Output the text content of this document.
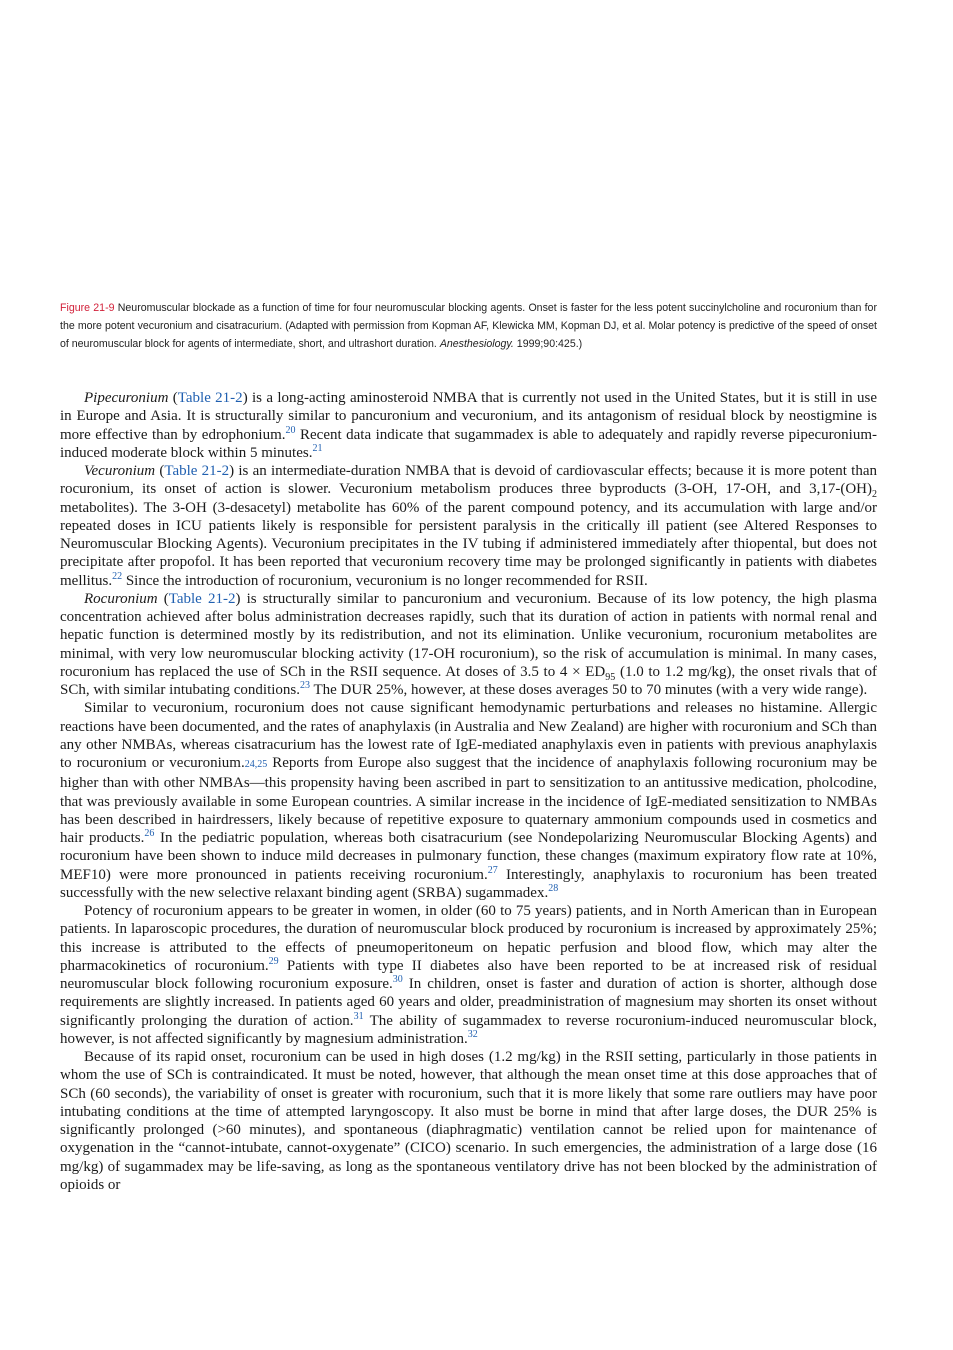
Figure 21-9 Neuromuscular blockade as a function of time for four neuromuscular blocking agents. Onset is faster for the less potent succinylcholine and rocuronium than for the more potent vecuronium and cisatracurium. (Adapted with permission from Kopman AF, Klewicka MM, Kopman DJ, et al. Molar potency is predictive of the speed of onset of neuromuscular block for agents of intermediate, short, and ultrashort duration. Anesthesiology. 1999;90:425.)

Pipecuronium (Table 21-2) is a long-acting aminosteroid NMBA that is currently not used in the United States, but it is still in use in Europe and Asia. It is structurally similar to pancuronium and vecuronium, and its antagonism of residual block by neostigmine is more effective than by edrophonium.$^{20}$ Recent data indicate that sugammadex is able to adequately and rapidly reverse pipecuronium-induced moderate block within 5 minutes.$^{21}$

Vecuronium (Table 21-2) is an intermediate-duration NMBA that is devoid of cardiovascular effects; because it is more potent than rocuronium, its onset of action is slower. Vecuronium metabolism produces three byproducts (3-OH, 17-OH, and $3,17-(OH)_2$ metabolites). The 3-OH (3-desacetyl) metabolite has 60% of the parent compound potency, and its accumulation with large and/or repeated doses in ICU patients likely is responsible for persistent paralysis in the critically ill patient (see Altered Responses to Neuromuscular Blocking Agents). Vecuronium precipitates in the IV tubing if administered immediately after thiopental, but does not precipitate after propofol. It has been reported that vecuronium recovery time may be prolonged significantly in patients with diabetes mellitus.$^{22}$ Since the introduction of rocuronium, vecuronium is no longer recommended for RSII.

Rocuronium (Table 21-2) is structurally similar to pancuronium and vecuronium. Because of its low potency, the high plasma concentration achieved after bolus administration decreases rapidly, such that its duration of action in patients with normal renal and hepatic function is determined mostly by its redistribution, and not its elimination. Unlike vecuronium, rocuronium metabolites are minimal, with very low neuromuscular blocking activity (17-OH rocuronium), so the risk of accumulation is minimal. In many cases, rocuronium has replaced the use of SCh in the RSII sequence. At doses of 3.5 to $4 \times ED_{95}$ (1.0 to 1.2 mg/kg), the onset rivals that of SCh, with similar intubating conditions.$^{23}$ The DUR 25%, however, at these doses averages 50 to 70 minutes (with a very wide range).

Similar to vecuronium, rocuronium does not cause significant hemodynamic perturbations and releases no histamine. Allergic reactions have been documented, and the rates of anaphylaxis (in Australia and New Zealand) are higher with rocuronium and SCh than any other NMBAs, whereas cisatracurium has the lowest rate of IgE-mediated anaphylaxis even in patients with previous anaphylaxis to rocuronium or vecuronium.24,25 Reports from Europe also suggest that the incidence of anaphylaxis following rocuronium may be higher than with other NMBAs—this propensity having been ascribed in part to sensitization to an antitussive medication, pholcodine, that was previously available in some European countries. A similar increase in the incidence of IgE-mediated sensitization to NMBAs has been described in hairdressers, likely because of repetitive exposure to quaternary ammonium compounds used in cosmetics and hair products.$^{26}$ In the pediatric population, whereas both cisatracurium (see Nondepolarizing Neuromuscular Blocking Agents) and rocuronium have been shown to induce mild decreases in pulmonary function, these changes (maximum expiratory flow rate at 10%, MEF10) were more pronounced in patients receiving rocuronium.$^{27}$ Interestingly, anaphylaxis to rocuronium has been treated successfully with the new selective relaxant binding agent (SRBA) sugammadex.$^{28}$

Potency of rocuronium appears to be greater in women, in older (60 to 75 years) patients, and in North American than in European patients. In laparoscopic procedures, the duration of neuromuscular block produced by rocuronium is increased by approximately 25%; this increase is attributed to the effects of pneumoperitoneum on hepatic perfusion and blood flow, which may alter the pharmacokinetics of rocuronium.$^{29}$ Patients with type II diabetes also have been reported to be at increased risk of residual neuromuscular block following rocuronium exposure.$^{30}$ In children, onset is faster and duration of action is shorter, although dose requirements are slightly increased. In patients aged 60 years and older, preadministration of magnesium may shorten its onset without significantly prolonging the duration of action.$^{31}$ The ability of sugammadex to reverse rocuronium-induced neuromuscular block, however, is not affected significantly by magnesium administration.$^{32}$

Because of its rapid onset, rocuronium can be used in high doses (1.2 mg/kg) in the RSII setting, particularly in those patients in whom the use of SCh is contraindicated. It must be noted, however, that although the mean onset time at this dose approaches that of SCh (60 seconds), the variability of onset is greater with rocuronium, such that it is more likely that some rare outliers may have poor intubating conditions at the time of attempted laryngoscopy. It also must be borne in mind that after large doses, the DUR 25% is significantly prolonged (>60 minutes), and spontaneous (diaphragmatic) ventilation cannot be relied upon for maintenance of oxygenation in the “cannot-intubate, cannot-oxygenate” (CICO) scenario. In such emergencies, the administration of a large dose (16 mg/kg) of sugammadex may be life-saving, as long as the spontaneous ventilatory drive has not been blocked by the administration of opioids or
